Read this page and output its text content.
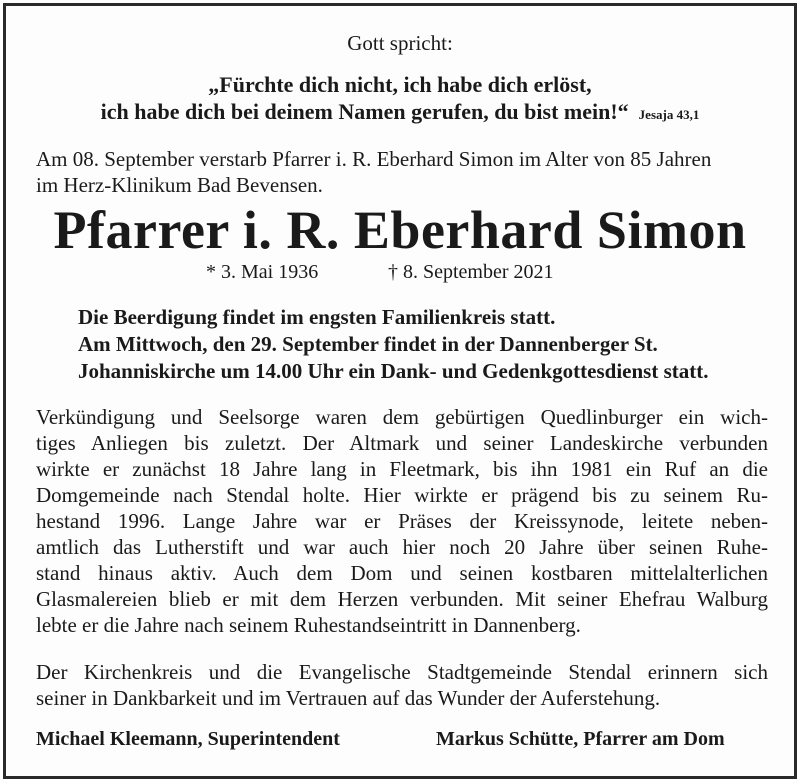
Gott spricht:
„Fürchte dich nicht, ich habe dich erlöst,
ich habe dich bei deinem Namen gerufen, du bist mein!“ Jesaja 43,1
Am 08. September verstarb Pfarrer i. R. Eberhard Simon im Alter von 85 Jahren
im Herz-Klinikum Bad Bevensen.
Pfarrer i. R. Eberhard Simon
* 3. Mai 1936	† 8. September 2021
Die Beerdigung findet im engsten Familienkreis statt.
Am Mittwoch, den 29. September findet in der Dannenberger St.
Johanniskirche um 14.00 Uhr ein Dank- und Gedenkgottesdienst statt.
Verkündigung und Seelsorge waren dem gebürtigen Quedlinburger ein wich-
tiges Anliegen bis zuletzt. Der Altmark und seiner Landeskirche verbunden
wirkte er zunächst 18 Jahre lang in Fleetmark, bis ihn 1981 ein Ruf an die
Domgemeinde nach Stendal holte. Hier wirkte er prägend bis zu seinem Ru-
hestand 1996. Lange Jahre war er Präses der Kreissynode, leitete neben-
amtlich das Lutherstift und war auch hier noch 20 Jahre über seinen Ruhe-
stand hinaus aktiv. Auch dem Dom und seinen kostbaren mittelalterlichen
Glasmalereien blieb er mit dem Herzen verbunden. Mit seiner Ehefrau Walburg
lebte er die Jahre nach seinem Ruhestandseintritt in Dannenberg.
Der Kirchenkreis und die Evangelische Stadtgemeinde Stendal erinnern sich
seiner in Dankbarkeit und im Vertrauen auf das Wunder der Auferstehung.
Michael Kleemann, Superintendent	Markus Schütte, Pfarrer am Dom
